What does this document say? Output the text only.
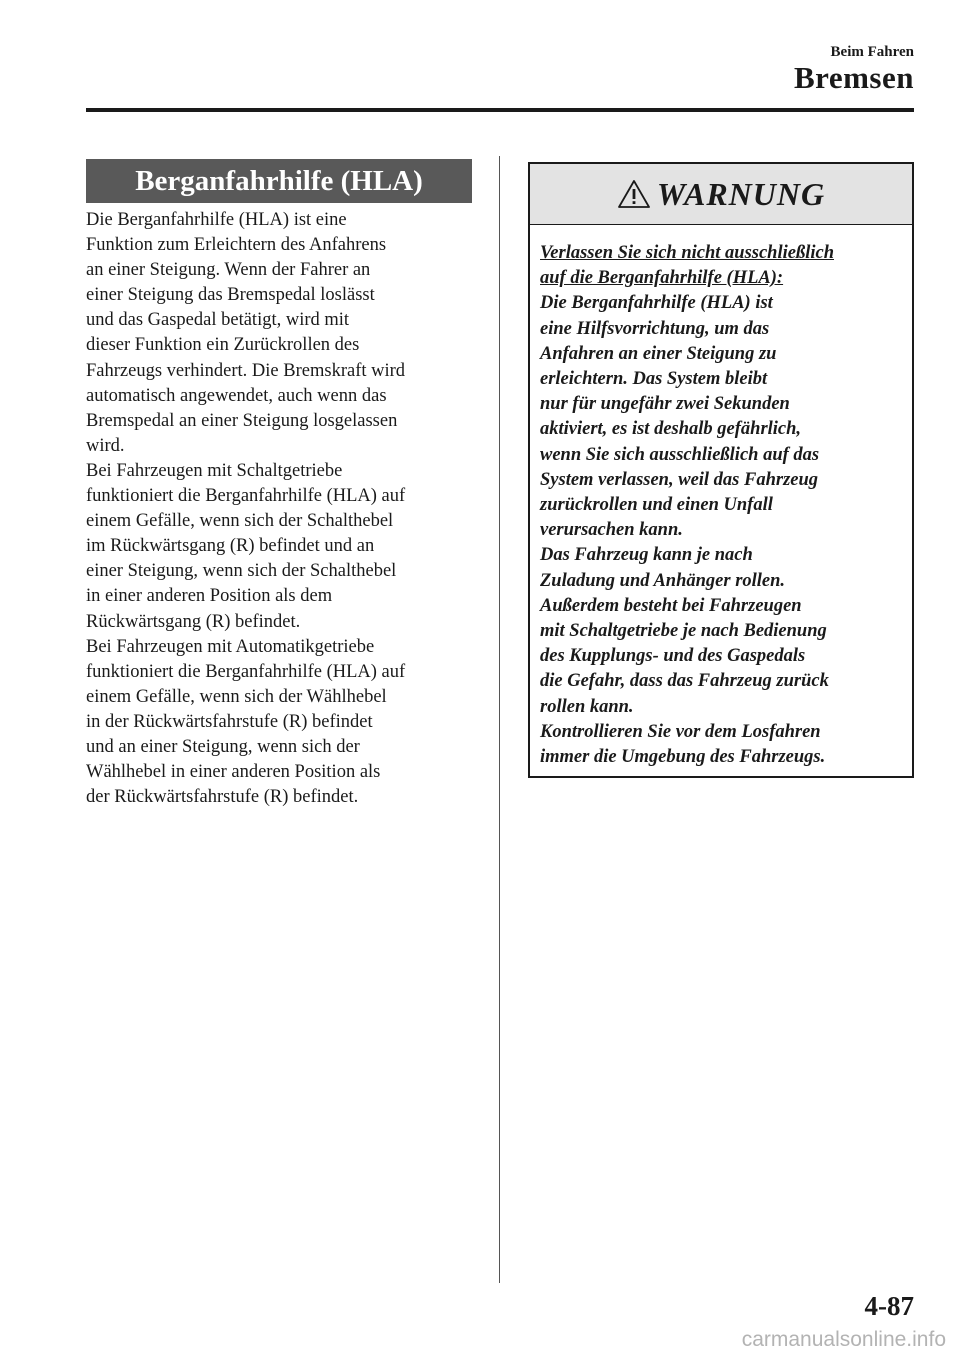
Beim Fahren
Bremsen
Berganfahrhilfe (HLA)

Die Berganfahrhilfe (HLA) ist eine

Funktion zum Erleichtern des Anfahrens

an einer Steigung. Wenn der Fahrer an

einer Steigung das Bremspedal loslässt

und das Gaspedal betätigt, wird mit

dieser Funktion ein Zurückrollen des

Fahrzeugs verhindert. Die Bremskraft wird

automatisch angewendet, auch wenn das

Bremspedal an einer Steigung losgelassen

wird.

Bei Fahrzeugen mit Schaltgetriebe

funktioniert die Berganfahrhilfe (HLA) auf

einem Gefälle, wenn sich der Schalthebel

im Rückwärtsgang (R) befindet und an

einer Steigung, wenn sich der Schalthebel

in einer anderen Position als dem

Rückwärtsgang (R) befindet.

Bei Fahrzeugen mit Automatikgetriebe

funktioniert die Berganfahrhilfe (HLA) auf

einem Gefälle, wenn sich der Wählhebel

in der Rückwärtsfahrstufe (R) befindet

und an einer Steigung, wenn sich der

Wählhebel in einer anderen Position als

der Rückwärtsfahrstufe (R) befindet.

WARNUNG

Verlassen Sie sich nicht ausschließlich

auf die Berganfahrhilfe (HLA):

Die Berganfahrhilfe (HLA) ist

eine Hilfsvorrichtung, um das

Anfahren an einer Steigung zu

erleichtern. Das System bleibt

nur für ungefähr zwei Sekunden

aktiviert, es ist deshalb gefährlich,

wenn Sie sich ausschließlich auf das

System verlassen, weil das Fahrzeug

zurückrollen und einen Unfall

verursachen kann.

Das Fahrzeug kann je nach

Zuladung und Anhänger rollen.

Außerdem besteht bei Fahrzeugen

mit Schaltgetriebe je nach Bedienung

des Kupplungs- und des Gaspedals

die Gefahr, dass das Fahrzeug zurück

rollen kann.

Kontrollieren Sie vor dem Losfahren

immer die Umgebung des Fahrzeugs.

4-87
carmanualsonline.info
